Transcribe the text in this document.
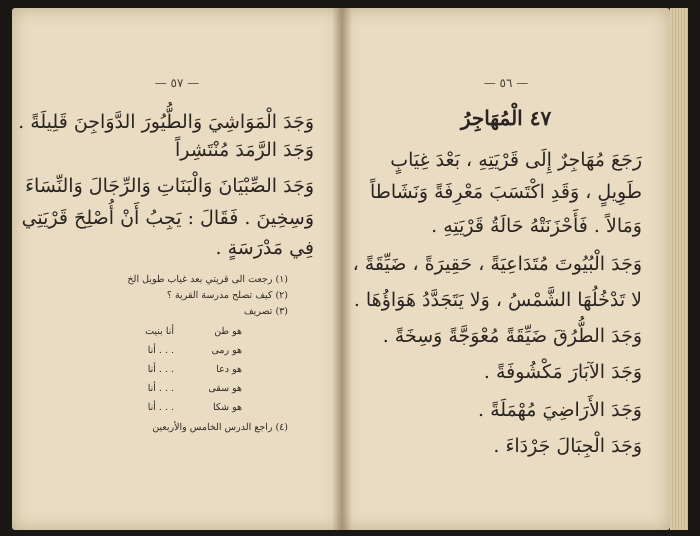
— ٥٧ —
وَجَدَ الْمَوَاشِيَ وَالطُّيُورَ الدَّوَاجِنَ قَلِيلَةً .
وَجَدَ الرَّمَدَ مُنْتَشِراً
وَجَدَ الصِّبْيَانَ وَالْبَنَاتِ وَالرِّجَالَ وَالنِّسَاءَ
وَسِخِينَ . فَقَالَ : يَجِبُ أَنْ أُصْلِحَ قَرْيَتِي
فِي مَدْرَسَةٍ .
(١) رجعت الى قريتي بعد غياب طويل الخ
(٢) كيف تصلح مدرسة القرية ؟
(٣) تصريف
هو طن
أنا بنيت
هو رمى
. . . أنا
هو دعا
. . . أنا
هو سقى
. . . أنا
هو شكا
. . . أنا
(٤) راجع الدرس الخامس والأربعين
— ٥٦ —
٤٧ الْمُهَاجِرُ
رَجَعَ مُهَاجِرٌ إِلَى قَرْيَتِهِ ، بَعْدَ غِيَابٍ
طَوِيلٍ ، وَقَدِ اكْتَسَبَ مَعْرِفَةً وَنَشَاطاً
وَمَالاً . فَأَحْزَنَتْهُ حَالَةُ قَرْيَتِهِ .
وَجَدَ الْبُيُوتَ مُتَدَاعِيَةً ، حَقِيرَةً ، ضَيِّقَةً ،
لا تَدْخُلُهَا الشَّمْسُ ، وَلا يَتَجَدَّدُ هَوَاؤُهَا .
وَجَدَ الطُّرُقَ ضَيِّقَةً مُعْوَجَّةً وَسِخَةً .
وَجَدَ الآبَارَ مَكْشُوفَةً .
وَجَدَ الأَرَاضِيَ مُهْمَلَةً .
وَجَدَ الْجِبَالَ جَرْدَاءَ .
